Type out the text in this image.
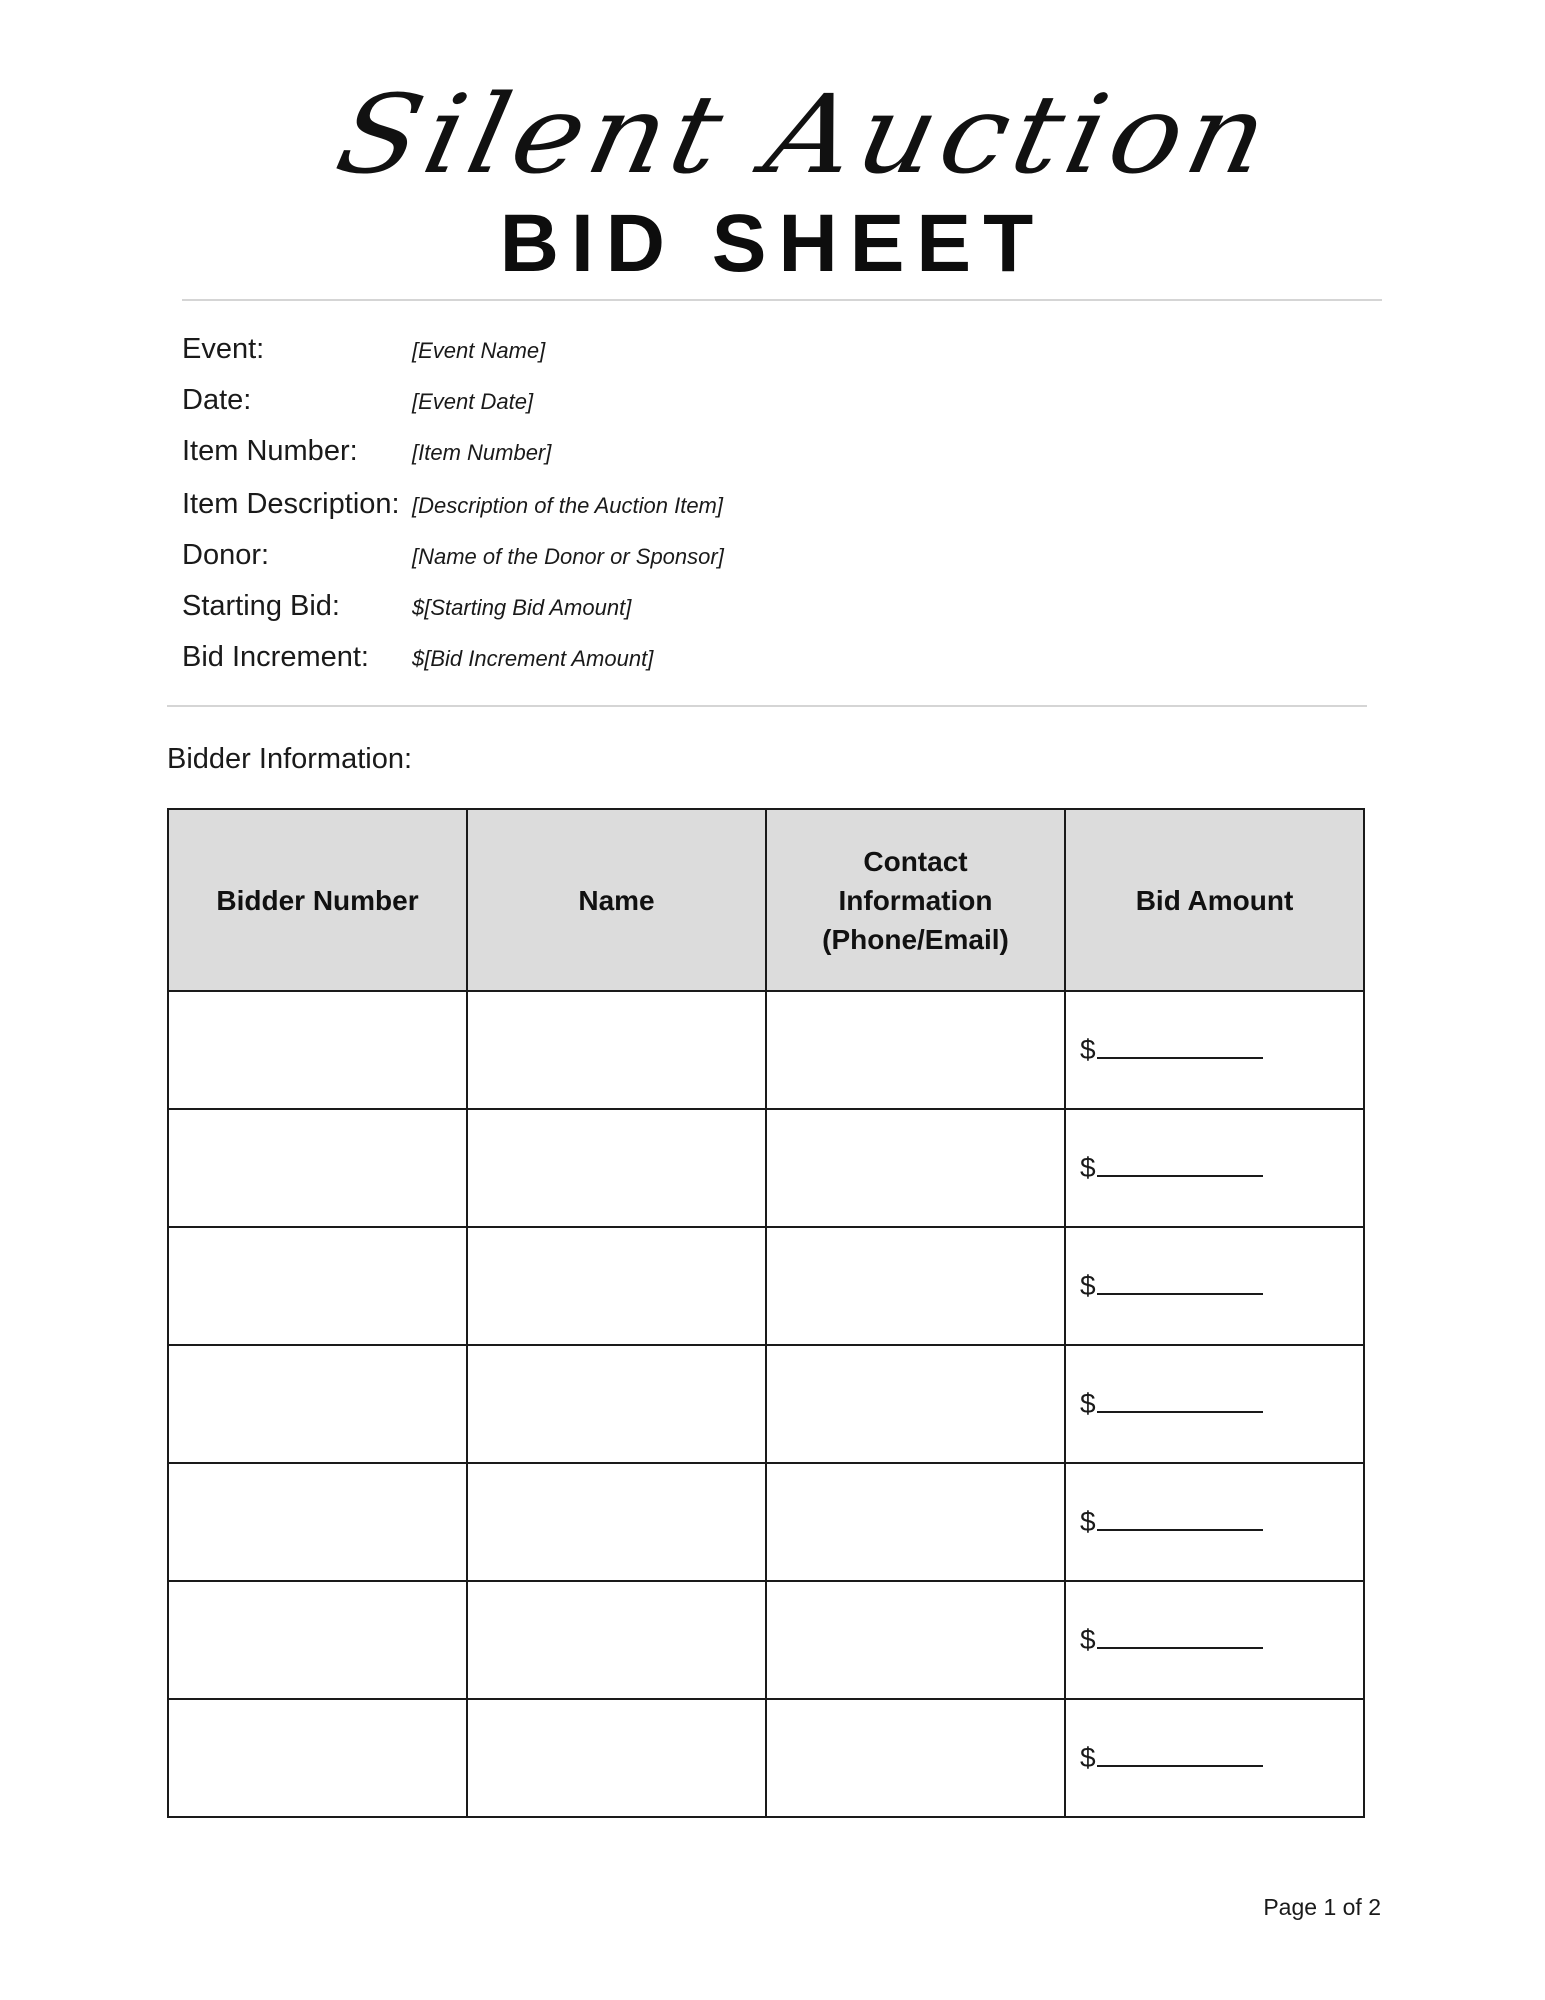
Silent Auction
BID SHEET
Event:	[Event Name]
Date:	[Event Date]
Item Number: [Item Number]
Item Description: [Description of the Auction Item]
Donor:	[Name of the Donor or Sponsor]
Starting Bid:	$[Starting Bid Amount]
Bid Increment: $[Bid Increment Amount]
Bidder Information:
Bidder Number	Name	Contact Information (Phone/Email)	Bid Amount
			$
			$
			$
			$
			$
			$
			$
Page 1 of 2
